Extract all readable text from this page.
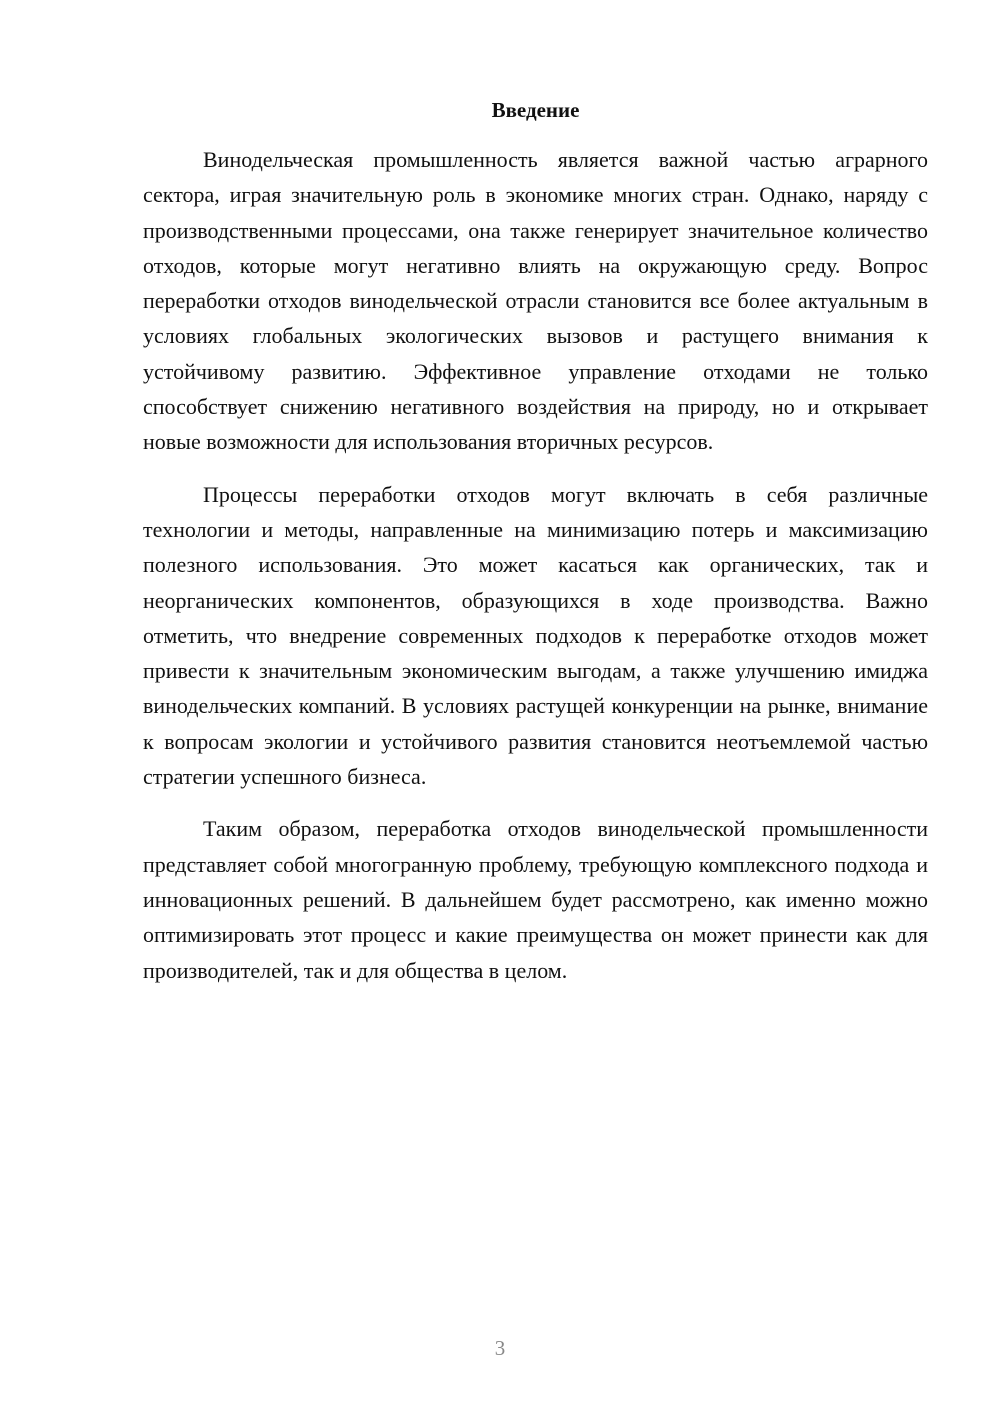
Введение

Винодельческая промышленность является важной частью аграрного сектора, играя значительную роль в экономике многих стран. Однако, наряду с производственными процессами, она также генерирует значительное количество отходов, которые могут негативно влиять на окружающую среду. Вопрос переработки отходов винодельческой отрасли становится все более актуальным в условиях глобальных экологических вызовов и растущего внимания к устойчивому развитию. Эффективное управление отходами не только способствует снижению негативного воздействия на природу, но и открывает новые возможности для использования вторичных ресурсов.

Процессы переработки отходов могут включать в себя различные технологии и методы, направленные на минимизацию потерь и максимизацию полезного использования. Это может касаться как органических, так и неорганических компонентов, образующихся в ходе производства. Важно отметить, что внедрение современных подходов к переработке отходов может привести к значительным экономическим выгодам, а также улучшению имиджа винодельческих компаний. В условиях растущей конкуренции на рынке, внимание к вопросам экологии и устойчивого развития становится неотъемлемой частью стратегии успешного бизнеса.

Таким образом, переработка отходов винодельческой промышленности представляет собой многогранную проблему, требующую комплексного подхода и инновационных решений. В дальнейшем будет рассмотрено, как именно можно оптимизировать этот процесс и какие преимущества он может принести как для производителей, так и для общества в целом.

3
